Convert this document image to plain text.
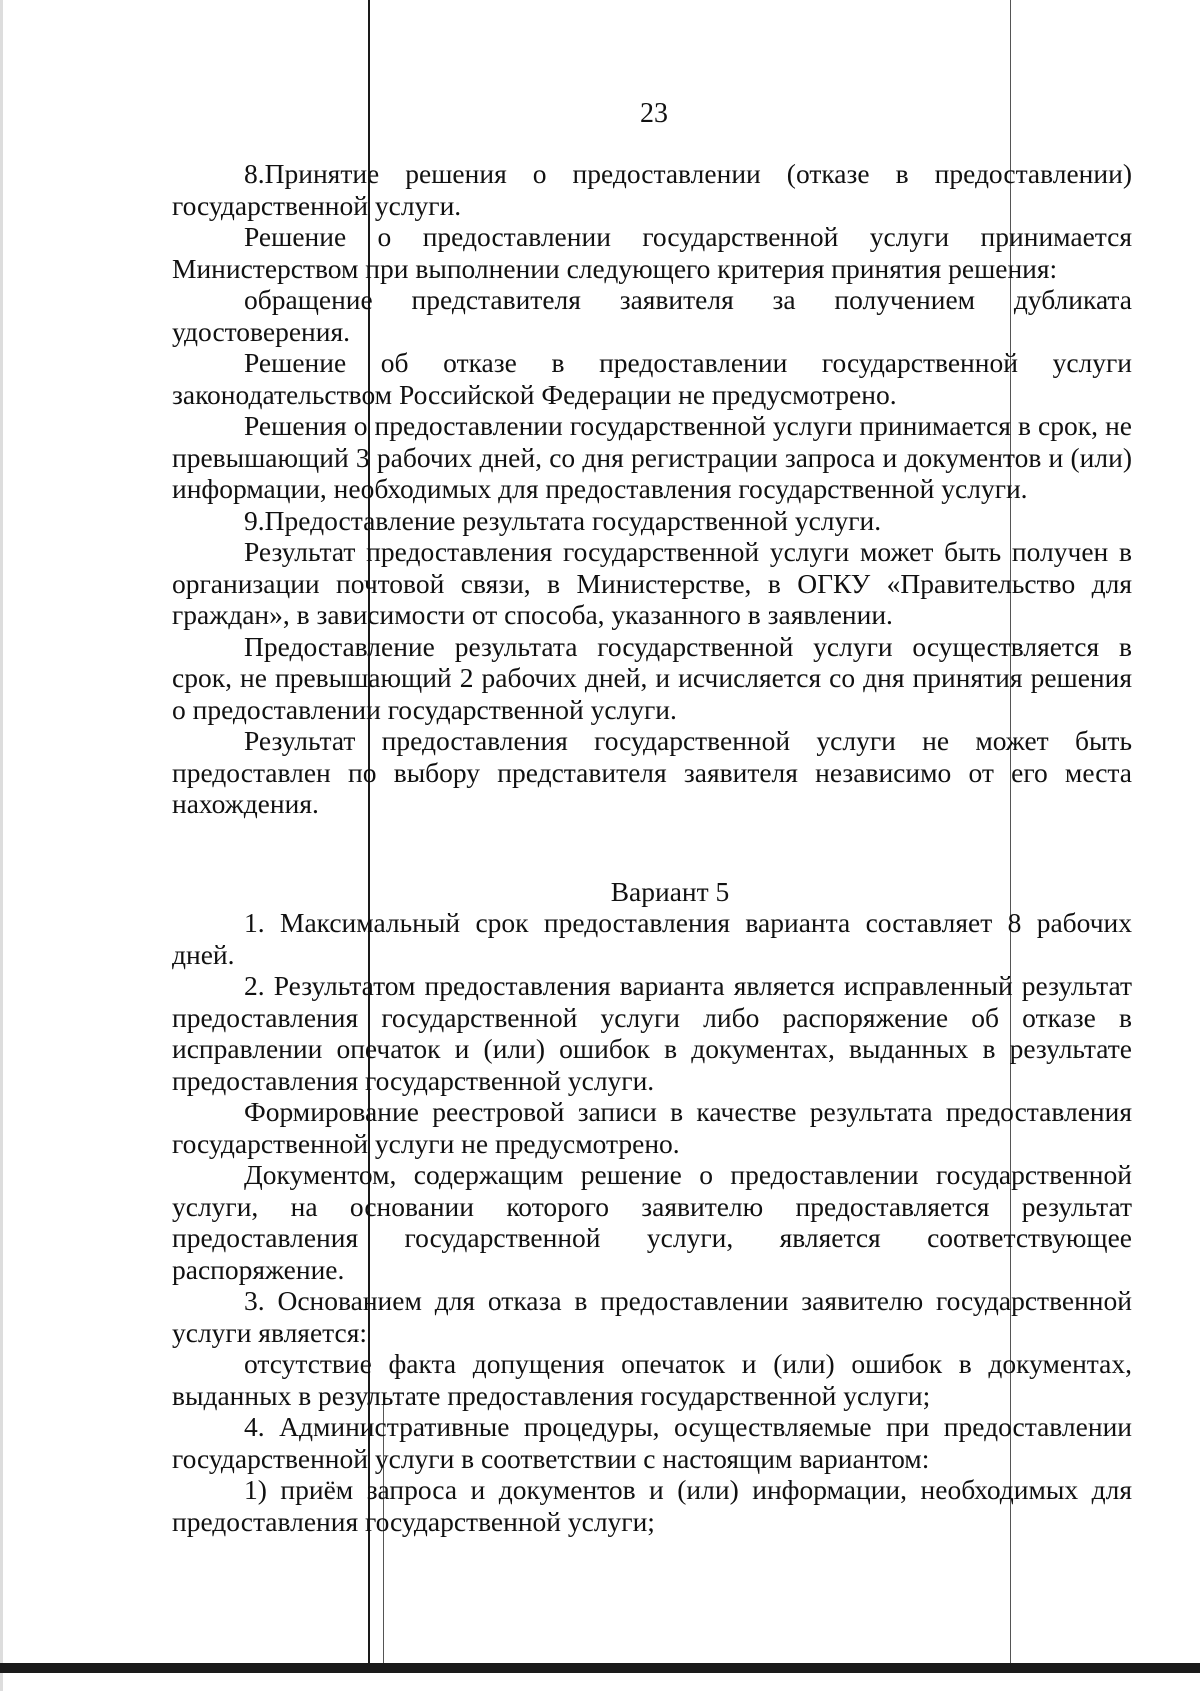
23

8.Принятие решения о предоставлении (отказе в предоставлении) государственной услуги.

Решение о предоставлении государственной услуги принимается Министерством при выполнении следующего критерия принятия решения:

обращение представителя заявителя за получением дубликата удостоверения.

Решение об отказе в предоставлении государственной услуги законодательством Российской Федерации не предусмотрено.

Решения о предоставлении государственной услуги принимается в срок, не превышающий 3 рабочих дней, со дня регистрации запроса и документов и (или) информации, необходимых для предоставления государственной услуги.

9.Предоставление результата государственной услуги.

Результат предоставления государственной услуги может быть получен в организации почтовой связи, в Министерстве, в ОГКУ «Правительство для граждан», в зависимости от способа, указанного в заявлении.

Предоставление результата государственной услуги осуществляется в срок, не превышающий 2 рабочих дней, и исчисляется со дня принятия решения о предоставлении государственной услуги.

Результат предоставления государственной услуги не может быть предоставлен по выбору представителя заявителя независимо от его места нахождения.

Вариант 5

1. Максимальный срок предоставления варианта составляет 8 рабочих дней.

2. Результатом предоставления варианта является исправленный результат предоставления государственной услуги либо распоряжение об отказе в исправлении опечаток и (или) ошибок в документах, выданных в результате предоставления государственной услуги.

Формирование реестровой записи в качестве результата предоставления государственной услуги не предусмотрено.

Документом, содержащим решение о предоставлении государственной услуги, на основании которого заявителю предоставляется результат предоставления государственной услуги, является соответствующее распоряжение.

3. Основанием для отказа в предоставлении заявителю государственной услуги является:

отсутствие факта допущения опечаток и (или) ошибок в документах, выданных в результате предоставления государственной услуги;

4. Административные процедуры, осуществляемые при предоставлении государственной услуги в соответствии с настоящим вариантом:

1) приём запроса и документов и (или) информации, необходимых для предоставления государственной услуги;
